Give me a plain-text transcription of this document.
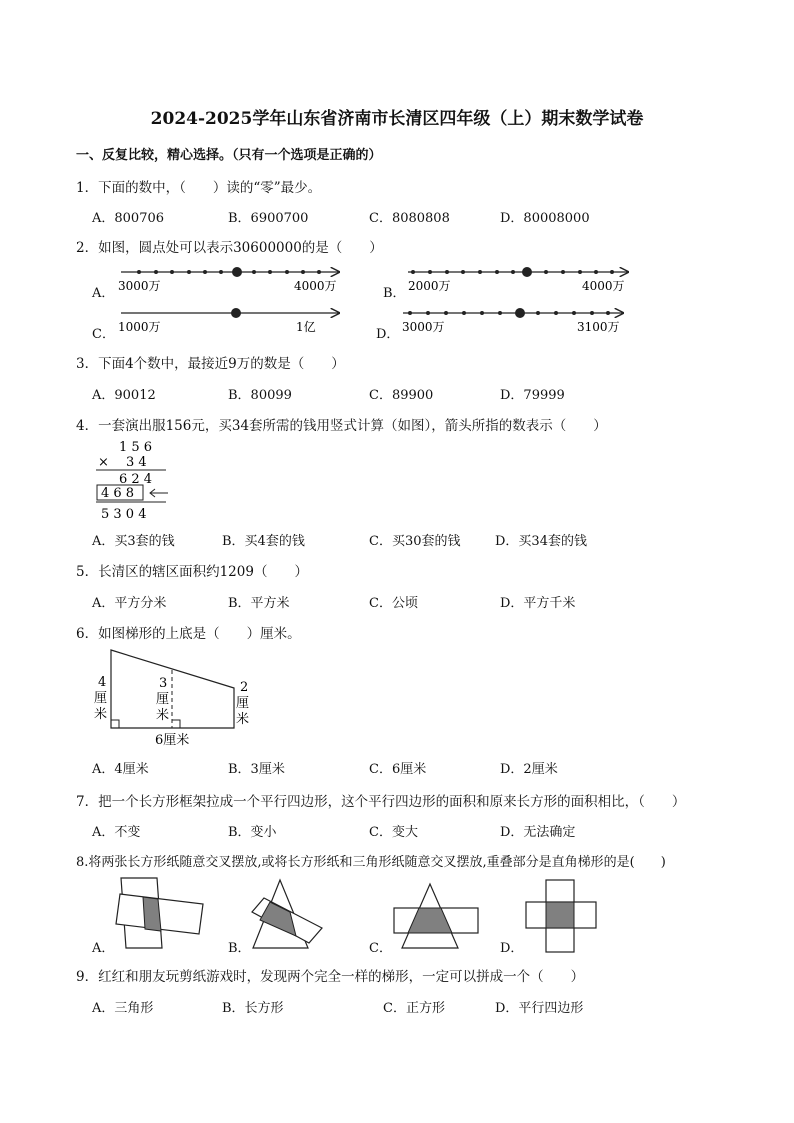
2024-2025学年山东省济南市长清区四年级（上）期末数学试卷
一、反复比较，精心选择。（只有一个选项是正确的）
1．下面的数中，（　　）读的“零”最少。
A．800706	B．6900700	C．8080808	D．80008000
2．如图，圆点处可以表示30600000的是（　　）
A．	B．
C．	D．
3000万	4000万	2000万	4000万
1000万	1亿	3000万	3100万
3．下面4个数中，最接近9万的数是（　　）
A．90012	B．80099	C．89900	D．79999
4．一套演出服156元，买34套所需的钱用竖式计算（如图），箭头所指的数表示（　　）
1 5 6
×　 3 4
6 2 4
4 6 8
5 3 0 4
A．买3套的钱	B．买4套的钱	C．买30套的钱	D．买34套的钱
5．长清区的辖区面积约1209（　　）
A．平方分米	B．平方米	C．公顷	D．平方千米
6．如图梯形的上底是（　　）厘米。
4
厘
米
3
厘
米
2
厘
米
6厘米
A．4厘米	B．3厘米	C．6厘米	D．2厘米
7．把一个长方形框架拉成一个平行四边形，这个平行四边形的面积和原来长方形的面积相比，（　　）
A．不变	B．变小	C．变大	D．无法确定
8.将两张长方形纸随意交叉摆放,或将长方形纸和三角形纸随意交叉摆放,重叠部分是直角梯形的是(　　)
A．	B．	C．	D．
9．红红和朋友玩剪纸游戏时，发现两个完全一样的梯形，一定可以拼成一个（　　）
A．三角形	B．长方形	C．正方形	D．平行四边形
